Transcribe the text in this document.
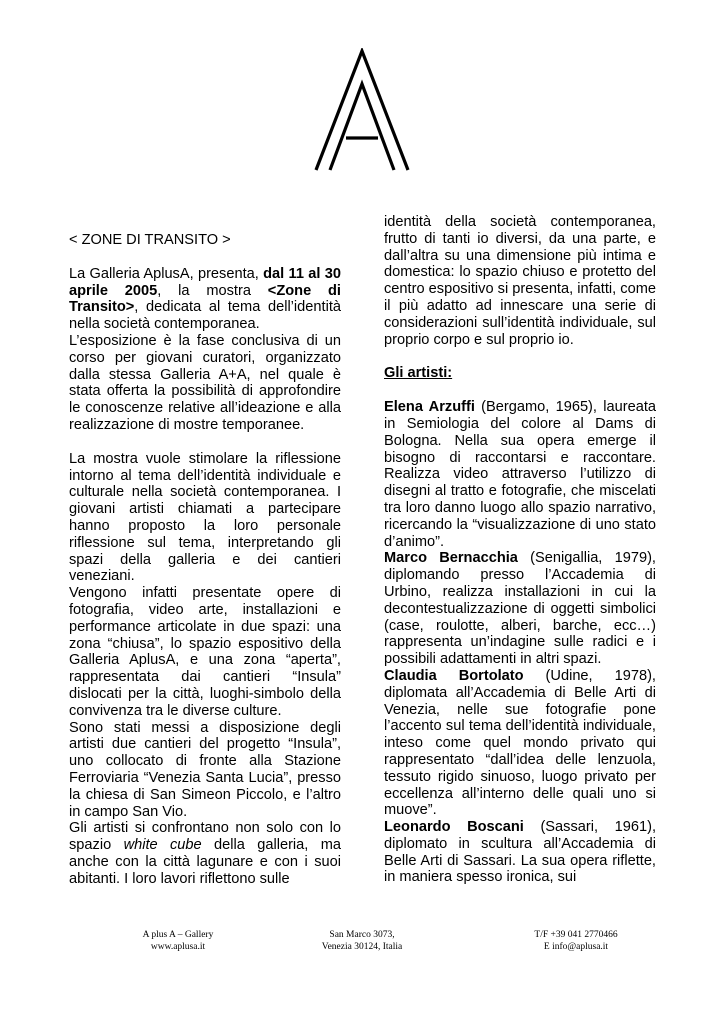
< ZONE DI TRANSITO >

La Galleria AplusA, presenta, dal 11 al 30 aprile 2005, la mostra <Zone di Transito>, dedicata al tema dell’identità nella società contemporanea.

L’esposizione è la fase conclusiva di un corso per giovani curatori, organizzato dalla stessa Galleria A+A, nel quale è stata offerta la possibilità di approfondire le conoscenze relative all’ideazione e alla realizzazione di mostre temporanee.

La mostra vuole stimolare la riflessione intorno al tema dell’identità individuale e culturale nella società contemporanea. I giovani artisti chiamati a partecipare hanno proposto la loro personale riflessione sul tema, interpretando gli spazi della galleria e dei cantieri veneziani.

Vengono infatti presentate opere di fotografia, video arte, installazioni e performance articolate in due spazi: una zona “chiusa”, lo spazio espositivo della Galleria AplusA, e una zona “aperta”, rappresentata dai cantieri “Insula” dislocati per la città, luoghi-simbolo della convivenza tra le diverse culture.

Sono stati messi a disposizione degli artisti due cantieri del progetto “Insula”, uno collocato di fronte alla Stazione Ferroviaria “Venezia Santa Lucia”, presso la chiesa di San Simeon Piccolo, e l’altro in campo San Vio.

Gli artisti si confrontano non solo con lo spazio white cube della galleria, ma anche con la città lagunare e con i suoi abitanti. I loro lavori riflettono sulle

identità della società contemporanea, frutto di tanti io diversi, da una parte, e dall’altra su una dimensione più intima e domestica: lo spazio chiuso e protetto del centro espositivo si presenta, infatti, come il più adatto ad innescare una serie di considerazioni sull’identità individuale, sul proprio corpo e sul proprio io.

Gli artisti:

Elena Arzuffi (Bergamo, 1965), laureata in Semiologia del colore al Dams di Bologna. Nella sua opera emerge il bisogno di raccontarsi e raccontare. Realizza video attraverso l’utilizzo di disegni al tratto e fotografie, che miscelati tra loro danno luogo allo spazio narrativo, ricercando la “visualizzazione di uno stato d’animo”.

Marco Bernacchia (Senigallia, 1979), diplomando presso l’Accademia di Urbino, realizza installazioni in cui la decontestualizzazione di oggetti simbolici (case, roulotte, alberi, barche, ecc…) rappresenta un’indagine sulle radici e i possibili adattamenti in altri spazi.

Claudia Bortolato (Udine, 1978), diplomata all’Accademia di Belle Arti di Venezia, nelle sue fotografie pone l’accento sul tema dell’identità individuale, inteso come quel mondo privato qui rappresentato “dall’idea delle lenzuola, tessuto rigido sinuoso, luogo privato per eccellenza all’interno delle quali uno si muove”.

Leonardo Boscani (Sassari, 1961), diplomato in scultura all’Accademia di Belle Arti di Sassari. La sua opera riflette, in maniera spesso ironica, sui

A plus A – Gallery
www.aplusa.it
San Marco 3073,
Venezia 30124, Italia
T/F +39 041 2770466
E info@aplusa.it
